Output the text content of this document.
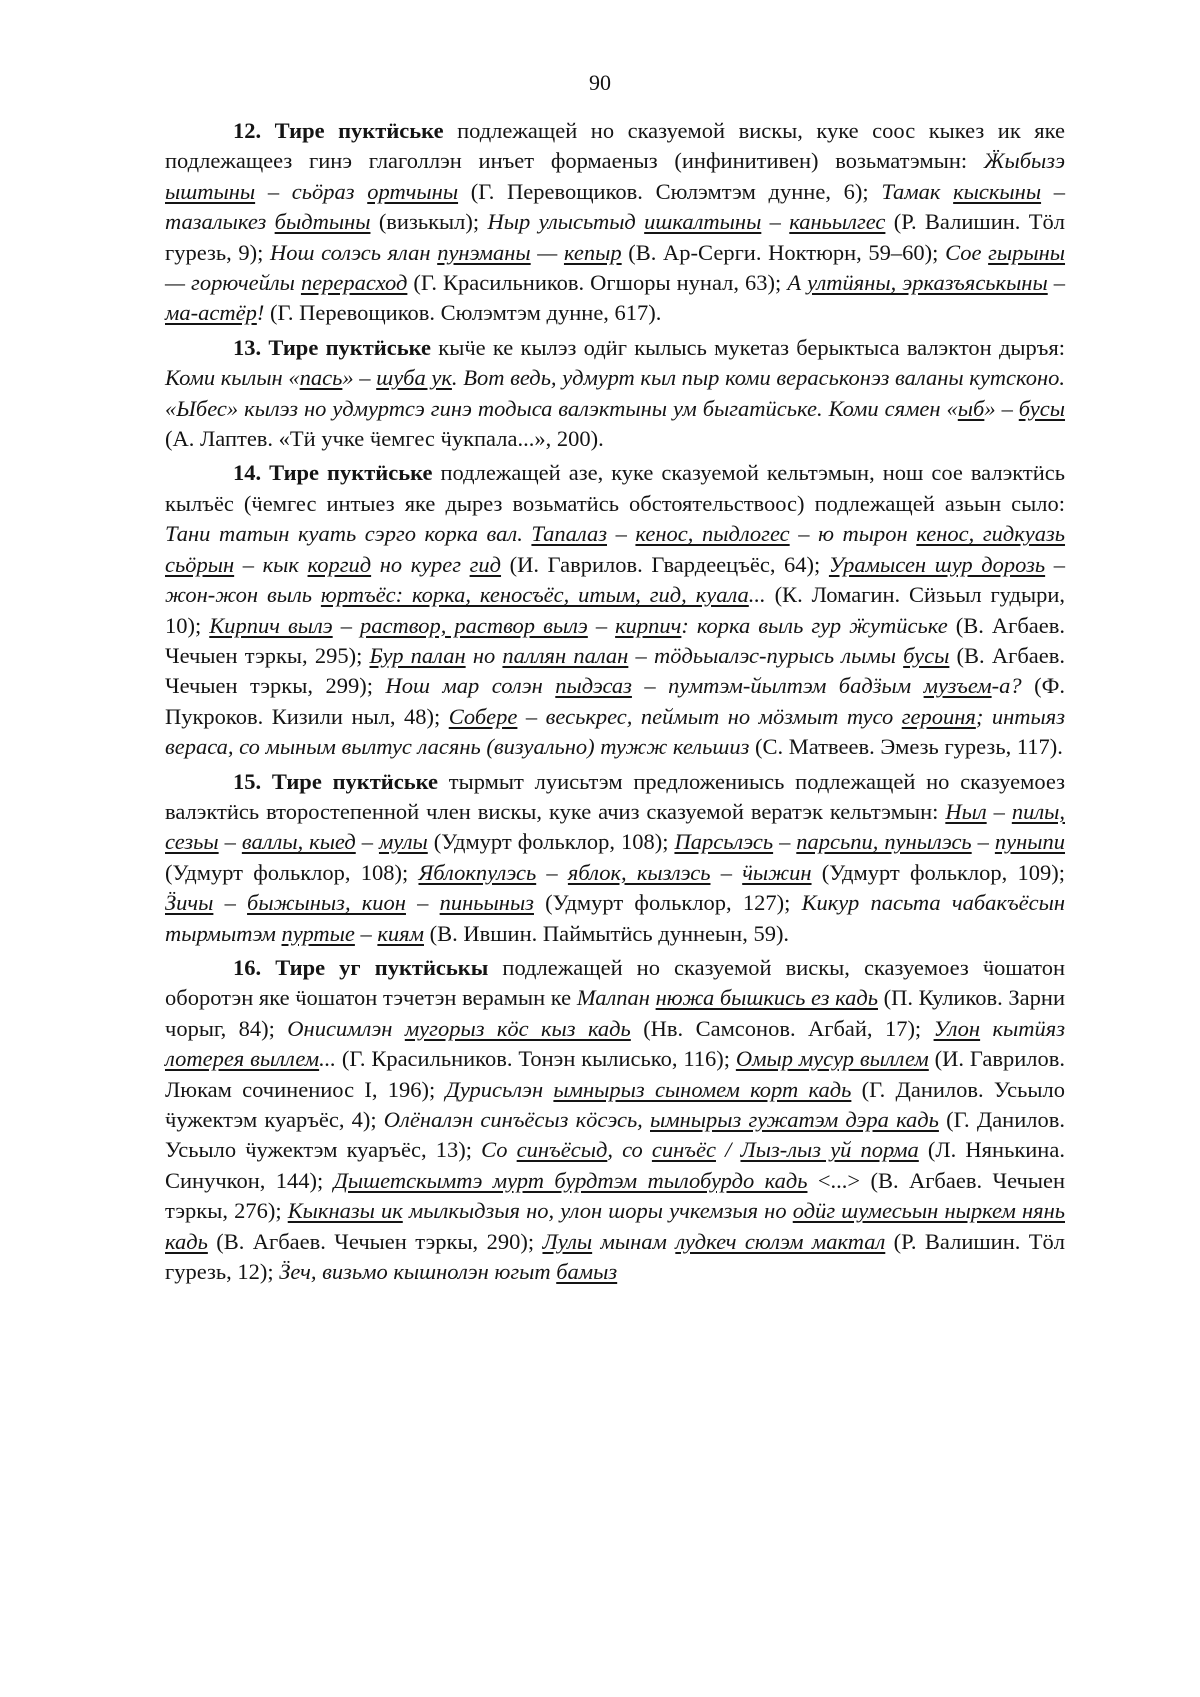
90

12. Тире пуктӥське подлежащей но сказуемой вискы, куке соос кыкез ик яке подлежащеез гинэ глаголлэн инъет формаеныз (инфинитивен) возьматэмын: Ӝыбызэ ыштыны – сьӧраз ортчыны (Г. Перевощиков. Сюлэмтэм дунне, 6); Тамак кыскыны – тазалыкез быдтыны (визькыл); Ныр улысьтыд ишкалтыны – каньылгес (Р. Валишин. Тӧл гурезь, 9); Нош солэсь ялан пунэманы — кепыр (В. Ар-Серги. Ноктюрн, 59–60); Сое гырыны — горючейлы перерасход (Г. Красильников. Огшоры нунал, 63); А ултӥяны, эрказъяськыны – ма-астёр! (Г. Перевощиков. Сюлэмтэм дунне, 617).

13. Тире пуктӥське кыӵе ке кылэз одӥг кылысь мукетаз берыктыса валэктон дыръя: Коми кылын «пась» – шуба ук. Вот ведь, удмурт кыл пыр коми вераськонэз валаны кутсконо. «Ыбес» кылэз но удмуртсэ гинэ тодыса валэктыны ум быгатӥське. Коми сямен «ыб» – бусы (А. Лаптев. «Тӥ учке ӵемгес ӵукпала...», 200).

14. Тире пуктӥське подлежащей азе, куке сказуемой кельтэмын, нош сое валэктӥсь кылъёс (ӵемгес интыез яке дырез возьматӥсь обстоятельствоос) подлежащей азьын сыло: Тани татын куать сэрго корка вал. Тапалаз – кенос, пыдлогес – ю тырон кенос, гидкуазь сьӧрын – кык коргид но курег гид (И. Гаврилов. Гвардеецъёс, 64); Урамысен шур дорозь – жон-жон выль юртъёс: корка, кеносъёс, итым, гид, куала... (К. Ломагин. Сӥзьыл гудыри, 10); Кирпич вылэ – раствор, раствор вылэ – кирпич: корка выль гур ӝутӥське (В. Агбаев. Чечыен тэркы, 295); Бур палан но паллян палан – тӧдьыалэс-пурысь лымы бусы (В. Агбаев. Чечыен тэркы, 299); Нош мар солэн пыдэсаз – пумтэм-йылтэм бадӟым музъем-а? (Ф. Пукроков. Кизили ныл, 48); Собере – веськрес, пеймыт но мӧзмыт тусо героиня; интыяз вераса, со мыным вылтус ласянь (визуально) тужж кельшиз (С. Матвеев. Эмезь гурезь, 117).

15. Тире пуктӥське тырмыт луисьтэм предложениысь подлежащей но сказуемоез валэктӥсь второстепенной член вискы, куке ачиз сказуемой вератэк кельтэмын: Ныл – пилы, сезьы – валлы, кыед – мулы (Удмурт фольклор, 108); Парсьлэсь – парсьпи, пунылэсь – пуныпи (Удмурт фольклор, 108); Яблокпулэсь – яблок, кызлэсь – ӵыжин (Удмурт фольклор, 109); Ӟичы – быжыныз, кион – пиньыныз (Удмурт фольклор, 127); Кикур пасьта чабакъёсын тырмытэм пуртые – киям (В. Ившин. Паймытӥсь дуннеын, 59).

16. Тире уг пуктӥськы подлежащей но сказуемой вискы, сказуемоез ӵошатон оборотэн яке ӵошатон тэчетэн верамын ке Малпан нюжа бышкись ез кадь (П. Куликов. Зарни чорыг, 84); Онисимлэн мугорыз кӧс кыз кадь (Нв. Самсонов. Агбай, 17); Улон кытӥяз лотерея выллем... (Г. Красильников. Тонэн кылисько, 116); Омыр мусур выллем (И. Гаврилов. Люкам сочинениос I, 196); Дурисьлэн ымнырыз сыномем корт кадь (Г. Данилов. Усьыло ӵужектэм куаръёс, 4); Олёналэн синъёсыз кӧсэсь, ымнырыз гужатэм дэра кадь (Г. Данилов. Усьыло ӵужектэм куаръёс, 13); Со синъёсыд, со синъёс / Лыз-лыз уй порма (Л. Нянькина. Синучкон, 144); Дышетскымтэ мурт бурдтэм тылобурдо кадь <...> (В. Агбаев. Чечыен тэркы, 276); Кыкназы ик мылкыдзыя но, улон шоры учкемзыя но одӥг шумесьын ныркем нянь кадь (В. Агбаев. Чечыен тэркы, 290); Лулы мынам лудкеч сюлэм мактал (Р. Валишин. Тӧл гурезь, 12); Ӟеч, визьмо кышнолэн югыт бамыз
